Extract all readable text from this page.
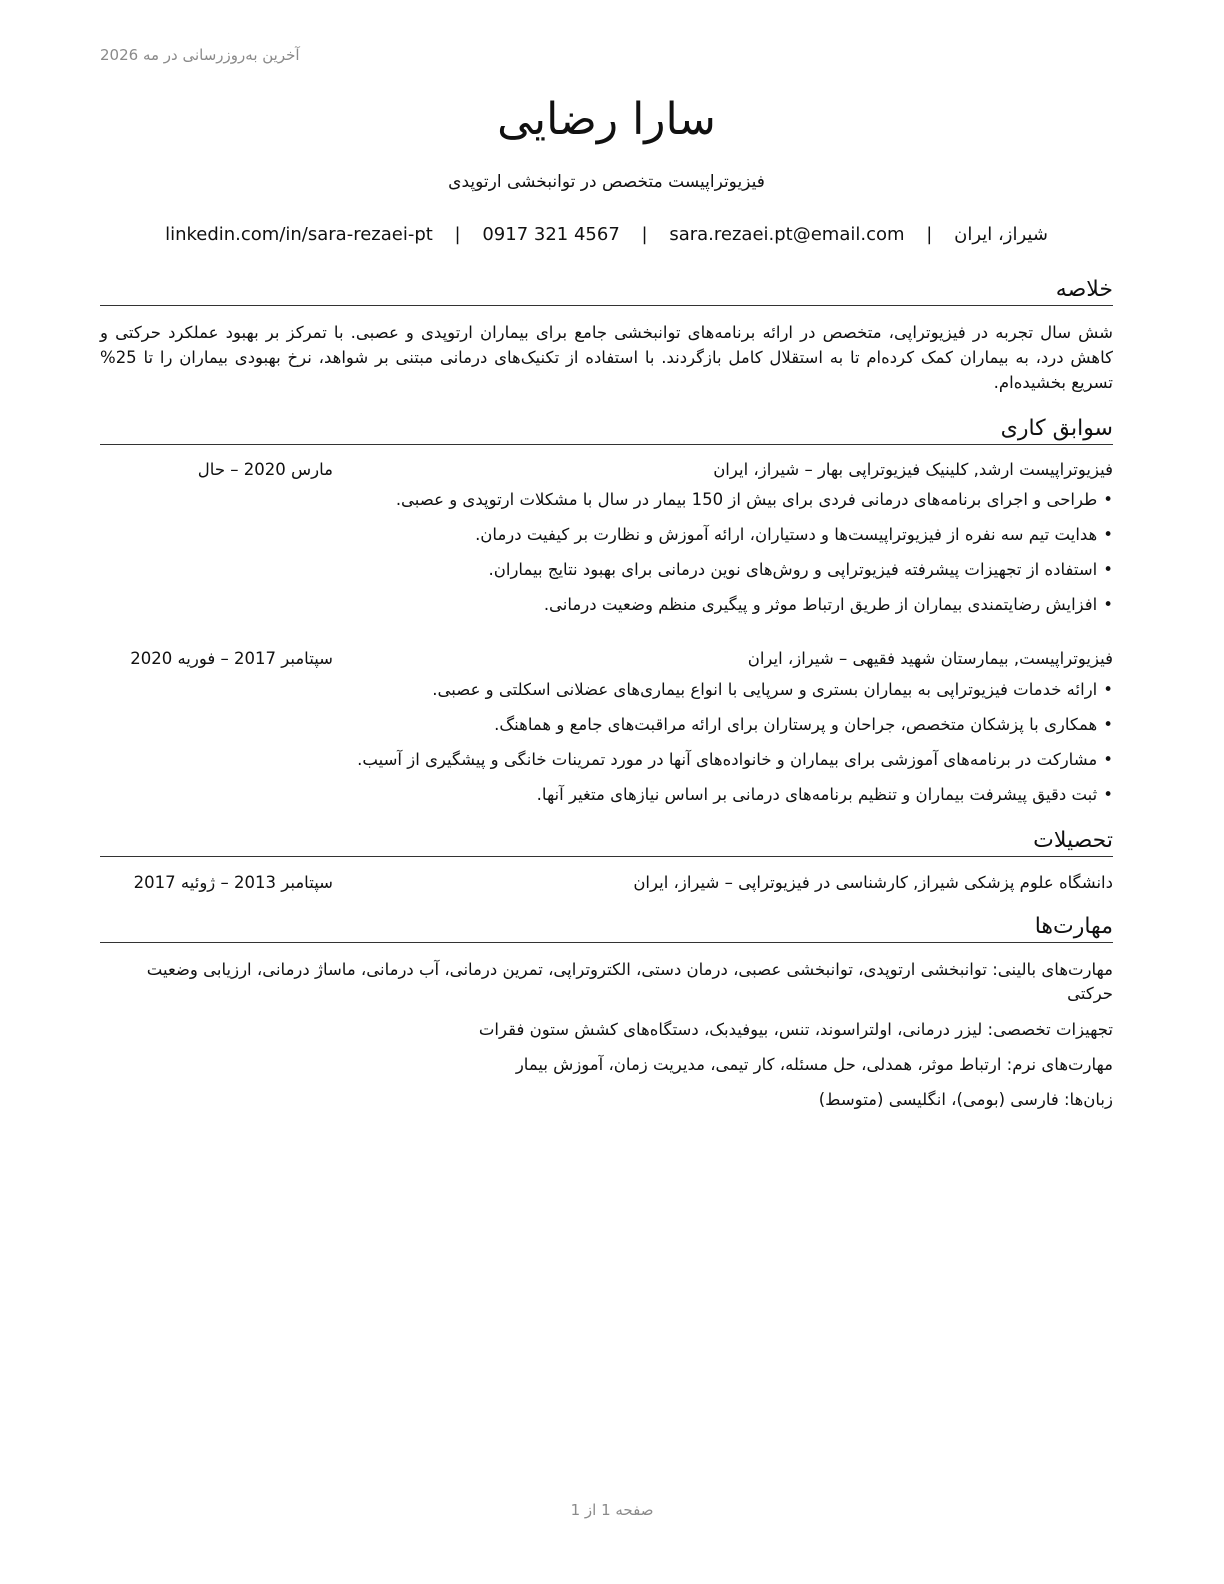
آخرین به‌روزرسانی در مه 2026
سارا رضایی
فیزیوتراپیست متخصص در توانبخشی ارتوپدی
شیراز، ایران | sara.rezaei.pt@email.com | 0917 321 4567 | linkedin.com/in/sara-rezaei-pt
خلاصه
شش سال تجربه در فیزیوتراپی، متخصص در ارائه برنامه‌های توانبخشی جامع برای بیماران ارتوپدی و عصبی. با تمرکز بر بهبود عملکرد حرکتی و کاهش درد، به بیماران کمک کرده‌ام تا به استقلال کامل بازگردند. با استفاده از تکنیک‌های درمانی مبتنی بر شواهد، نرخ بهبودی بیماران را تا 25% تسریع بخشیده‌ام.
سوابق کاری
فیزیوتراپیست ارشد, کلینیک فیزیوتراپی بهار – شیراز، ایران
مارس 2020 – حال
•طراحی و اجرای برنامه‌های درمانی فردی برای بیش از 150 بیمار در سال با مشکلات ارتوپدی و عصبی.
•هدایت تیم سه نفره از فیزیوتراپیست‌ها و دستیاران، ارائه آموزش و نظارت بر کیفیت درمان.
•استفاده از تجهیزات پیشرفته فیزیوتراپی و روش‌های نوین درمانی برای بهبود نتایج بیماران.
•افزایش رضایتمندی بیماران از طریق ارتباط موثر و پیگیری منظم وضعیت درمانی.
فیزیوتراپیست, بیمارستان شهید فقیهی – شیراز، ایران
سپتامبر 2017 – فوریه 2020
•ارائه خدمات فیزیوتراپی به بیماران بستری و سرپایی با انواع بیماری‌های عضلانی اسکلتی و عصبی.
•همکاری با پزشکان متخصص، جراحان و پرستاران برای ارائه مراقبت‌های جامع و هماهنگ.
•مشارکت در برنامه‌های آموزشی برای بیماران و خانواده‌های آنها در مورد تمرینات خانگی و پیشگیری از آسیب.
•ثبت دقیق پیشرفت بیماران و تنظیم برنامه‌های درمانی بر اساس نیازهای متغیر آنها.
تحصیلات
دانشگاه علوم پزشکی شیراز, کارشناسی در فیزیوتراپی – شیراز، ایران
سپتامبر 2013 – ژوئیه 2017
مهارت‌ها
مهارت‌های بالینی: توانبخشی ارتوپدی، توانبخشی عصبی، درمان دستی، الکتروتراپی، تمرین درمانی، آب درمانی، ماساژ درمانی، ارزیابی وضعیت حرکتی
تجهیزات تخصصی: لیزر درمانی، اولتراسوند، تنس، بیوفیدبک، دستگاه‌های کشش ستون فقرات
مهارت‌های نرم: ارتباط موثر، همدلی، حل مسئله، کار تیمی، مدیریت زمان، آموزش بیمار
زبان‌ها: فارسی (بومی)، انگلیسی (متوسط)
صفحه 1 از 1
